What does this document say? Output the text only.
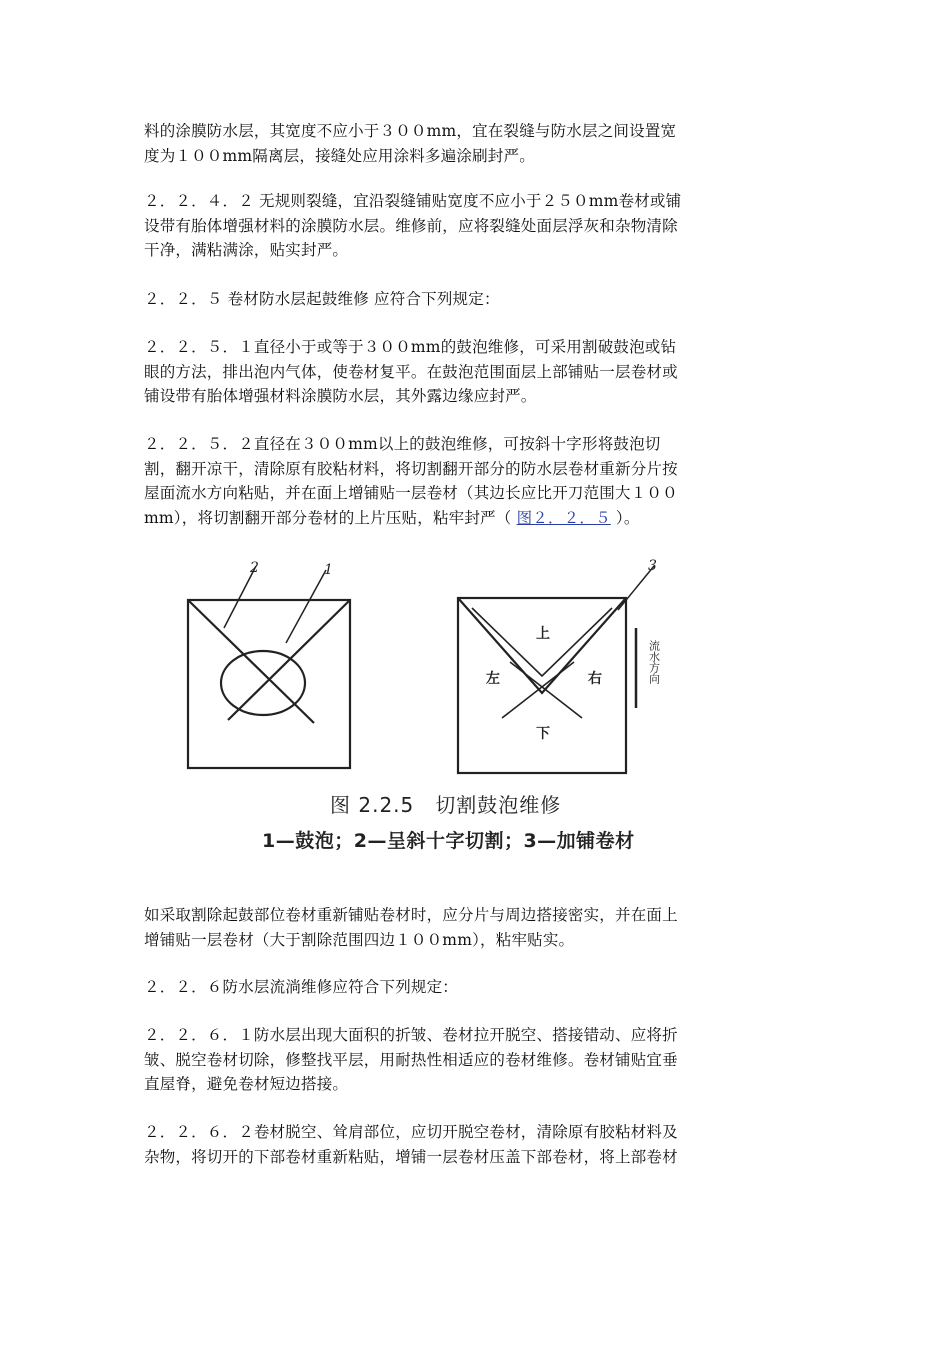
料的涂膜防水层，其宽度不应小于３００mm，宜在裂缝与防水层之间设置宽
度为１００mm隔离层，接缝处应用涂料多遍涂刷封严。
２．２．４．２ 无规则裂缝，宜沿裂缝铺贴宽度不应小于２５０mm卷材或铺
设带有胎体增强材料的涂膜防水层。维修前，应将裂缝处面层浮灰和杂物清除
干净，满粘满涂，贴实封严。
２．２．５ 卷材防水层起鼓维修 应符合下列规定：
２．２．５．１直径小于或等于３００mm的鼓泡维修，可采用割破鼓泡或钻
眼的方法，排出泡内气体，使卷材复平。在鼓泡范围面层上部铺贴一层卷材或
铺设带有胎体增强材料涂膜防水层，其外露边缘应封严。
２．２．５．２直径在３００mm以上的鼓泡维修，可按斜十字形将鼓泡切
割，翻开凉干，清除原有胶粘材料，将切割翻开部分的防水层卷材重新分片按
屋面流水方向粘贴，并在面上增铺贴一层卷材（其边长应比开刀范围大１００
mm），将切割翻开部分卷材的上片压贴，粘牢封严（ 图２．２．５ ）。
2	1	3
上
左	右
下
流水方向
图 2.2.5　切割鼓泡维修
1—鼓泡；2—呈斜十字切割；3—加铺卷材
如采取割除起鼓部位卷材重新铺贴卷材时，应分片与周边搭接密实，并在面上
增铺贴一层卷材（大于割除范围四边１００mm），粘牢贴实。
２．２．６防水层流淌维修应符合下列规定：
２．２．６．１防水层出现大面积的折皱、卷材拉开脱空、搭接错动、应将折
皱、脱空卷材切除，修整找平层，用耐热性相适应的卷材维修。卷材铺贴宜垂
直屋脊，避免卷材短边搭接。
２．２．６．２卷材脱空、耸肩部位，应切开脱空卷材，清除原有胶粘材料及
杂物，将切开的下部卷材重新粘贴，增铺一层卷材压盖下部卷材，将上部卷材
